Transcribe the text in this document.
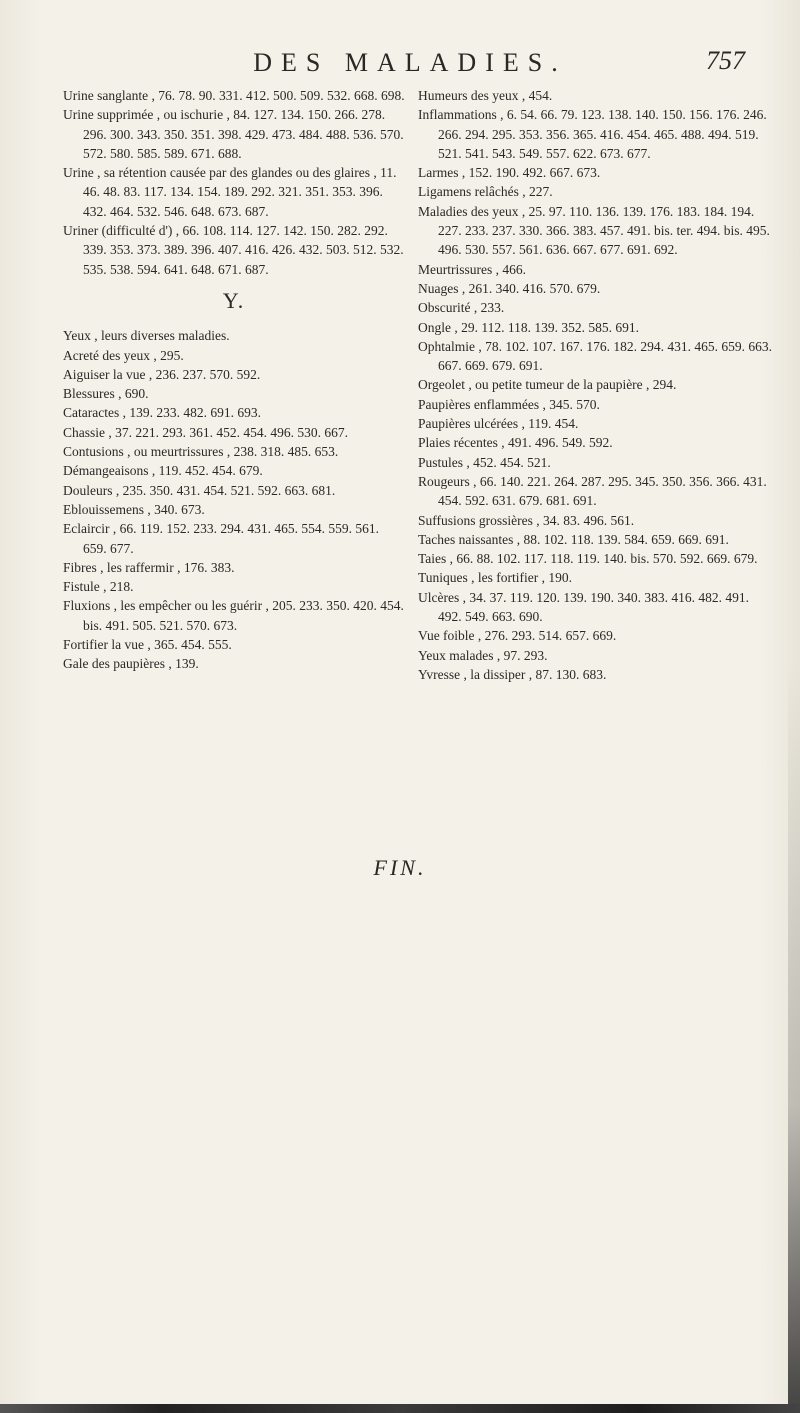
DES MALADIES.	757

Urine sanglante , 76. 78. 90. 331. 412. 500. 509. 532. 668. 698.

Urine supprimée , ou ischurie , 84. 127. 134. 150. 266. 278. 296. 300. 343. 350. 351. 398. 429. 473. 484. 488. 536. 570. 572. 580. 585. 589. 671. 688.

Urine , sa rétention causée par des glandes ou des glaires , 11. 46. 48. 83. 117. 134. 154. 189. 292. 321. 351. 353. 396. 432. 464. 532. 546. 648. 673. 687.

Uriner (difficulté d') , 66. 108. 114. 127. 142. 150. 282. 292. 339. 353. 373. 389. 396. 407. 416. 426. 432. 503. 512. 532. 535. 538. 594. 641. 648. 671. 687.

Y.

Yeux , leurs diverses maladies.

Acreté des yeux , 295.

Aiguiser la vue , 236. 237. 570. 592.

Blessures , 690.

Cataractes , 139. 233. 482. 691. 693.

Chassie , 37. 221. 293. 361. 452. 454. 496. 530. 667.

Contusions , ou meurtrissures , 238. 318. 485. 653.

Démangeaisons , 119. 452. 454. 679.

Douleurs , 235. 350. 431. 454. 521. 592. 663. 681.

Eblouissemens , 340. 673.

Eclaircir , 66. 119. 152. 233. 294. 431. 465. 554. 559. 561. 659. 677.

Fibres , les raffermir , 176. 383.

Fistule , 218.

Fluxions , les empêcher ou les guérir , 205. 233. 350. 420. 454. bis. 491. 505. 521. 570. 673.

Fortifier la vue , 365. 454. 555.

Gale des paupières , 139.

Humeurs des yeux , 454.

Inflammations , 6. 54. 66. 79. 123. 138. 140. 150. 156. 176. 246. 266. 294. 295. 353. 356. 365. 416. 454. 465. 488. 494. 519. 521. 541. 543. 549. 557. 622. 673. 677.

Larmes , 152. 190. 492. 667. 673.

Ligamens relâchés , 227.

Maladies des yeux , 25. 97. 110. 136. 139. 176. 183. 184. 194. 227. 233. 237. 330. 366. 383. 457. 491. bis. ter. 494. bis. 495. 496. 530. 557. 561. 636. 667. 677. 691. 692.

Meurtrissures , 466.

Nuages , 261. 340. 416. 570. 679.

Obscurité , 233.

Ongle , 29. 112. 118. 139. 352. 585. 691.

Ophtalmie , 78. 102. 107. 167. 176. 182. 294. 431. 465. 659. 663. 667. 669. 679. 691.

Orgeolet , ou petite tumeur de la paupière , 294.

Paupières enflammées , 345. 570.

Paupières ulcérées , 119. 454.

Plaies récentes , 491. 496. 549. 592.

Pustules , 452. 454. 521.

Rougeurs , 66. 140. 221. 264. 287. 295. 345. 350. 356. 366. 431. 454. 592. 631. 679. 681. 691.

Suffusions grossières , 34. 83. 496. 561.

Taches naissantes , 88. 102. 118. 139. 584. 659. 669. 691.

Taies , 66. 88. 102. 117. 118. 119. 140. bis. 570. 592. 669. 679.

Tuniques , les fortifier , 190.

Ulcères , 34. 37. 119. 120. 139. 190. 340. 383. 416. 482. 491. 492. 549. 663. 690.

Vue foible , 276. 293. 514. 657. 669.

Yeux malades , 97. 293.

Yvresse , la dissiper , 87. 130. 683.

FIN.
